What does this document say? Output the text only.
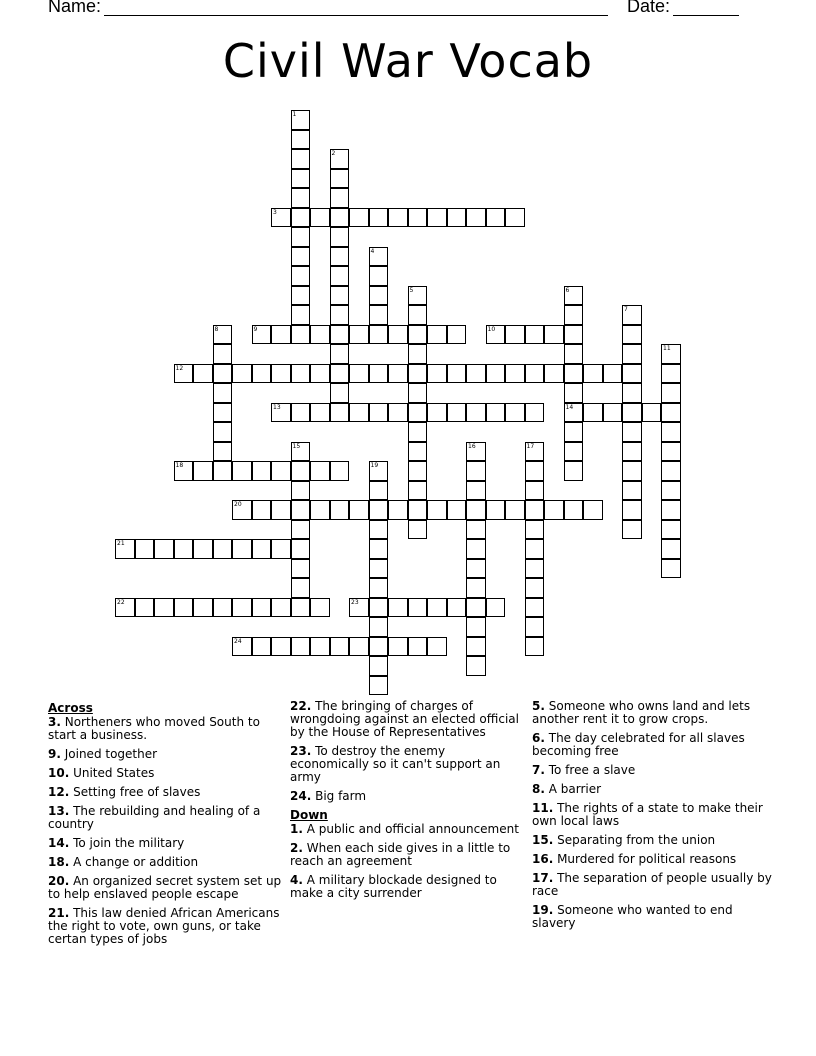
Name:	Date:
Civil War Vocab
1
2
3
4
5	6
14
7
8	9	10
11
12
13
15	16	17
18	19
20
21
22	23
24
Across
3. Northeners who moved South to start a business.
9. Joined together
10. United States
12. Setting free of slaves
13. The rebuilding and healing of a country
14. To join the military
18. A change or addition
20. An organized secret system set up to help enslaved people escape
21. This law denied African Americans the right to vote, own guns, or take certan types of jobs
22. The bringing of charges of wrongdoing against an elected official by the House of Representatives
23. To destroy the enemy economically so it can't support an army
24. Big farm
Down
1. A public and official announcement
2. When each side gives in a little to reach an agreement
4. A military blockade designed to make a city surrender
5. Someone who owns land and lets another rent it to grow crops.
6. The day celebrated for all slaves becoming free
7. To free a slave
8. A barrier
11. The rights of a state to make their own local laws
15. Separating from the union
16. Murdered for political reasons
17. The separation of people usually by race
19. Someone who wanted to end slavery
